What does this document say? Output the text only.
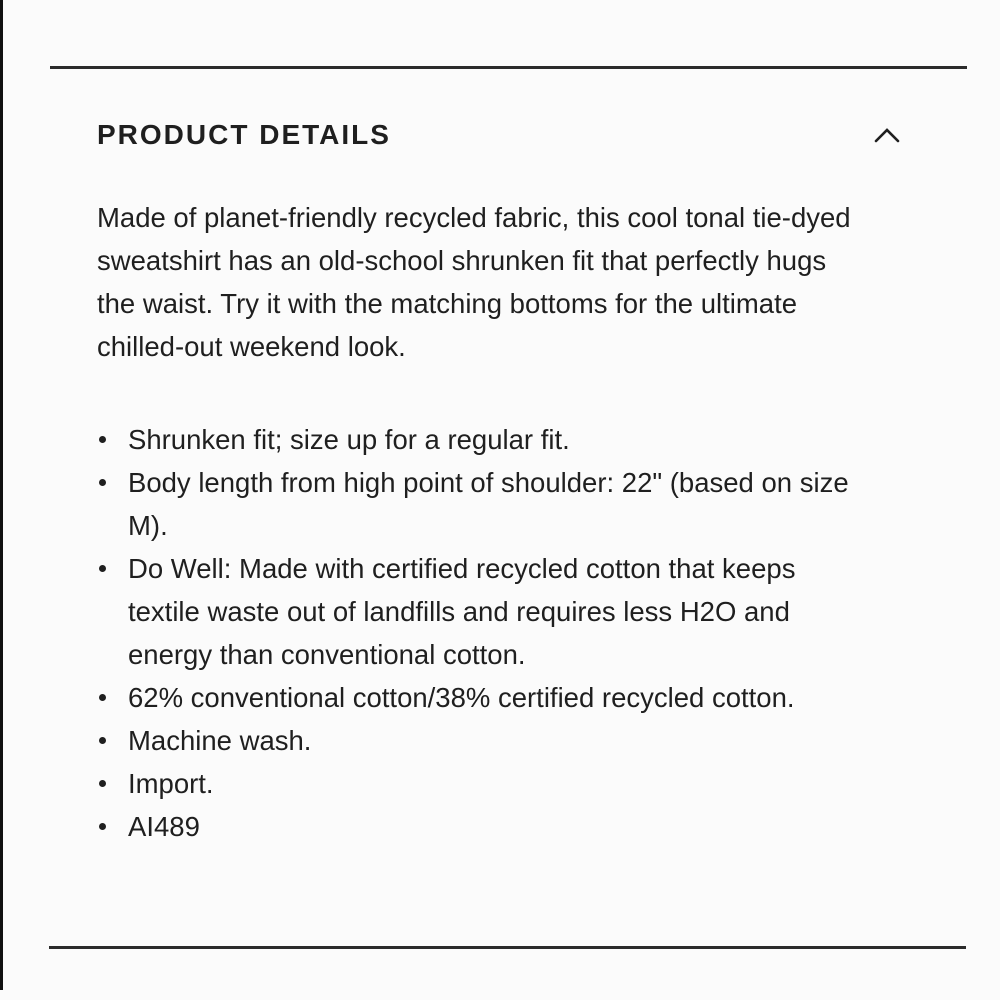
PRODUCT DETAILS

Made of planet-friendly recycled fabric, this cool tonal tie-dyed sweatshirt has an old-school shrunken fit that perfectly hugs the waist. Try it with the matching bottoms for the ultimate chilled-out weekend look.

Shrunken fit; size up for a regular fit.
Body length from high point of shoulder: 22" (based on size M).
Do Well: Made with certified recycled cotton that keeps textile waste out of landfills and requires less H2O and energy than conventional cotton.
62% conventional cotton/38% certified recycled cotton.
Machine wash.
Import.
AI489
